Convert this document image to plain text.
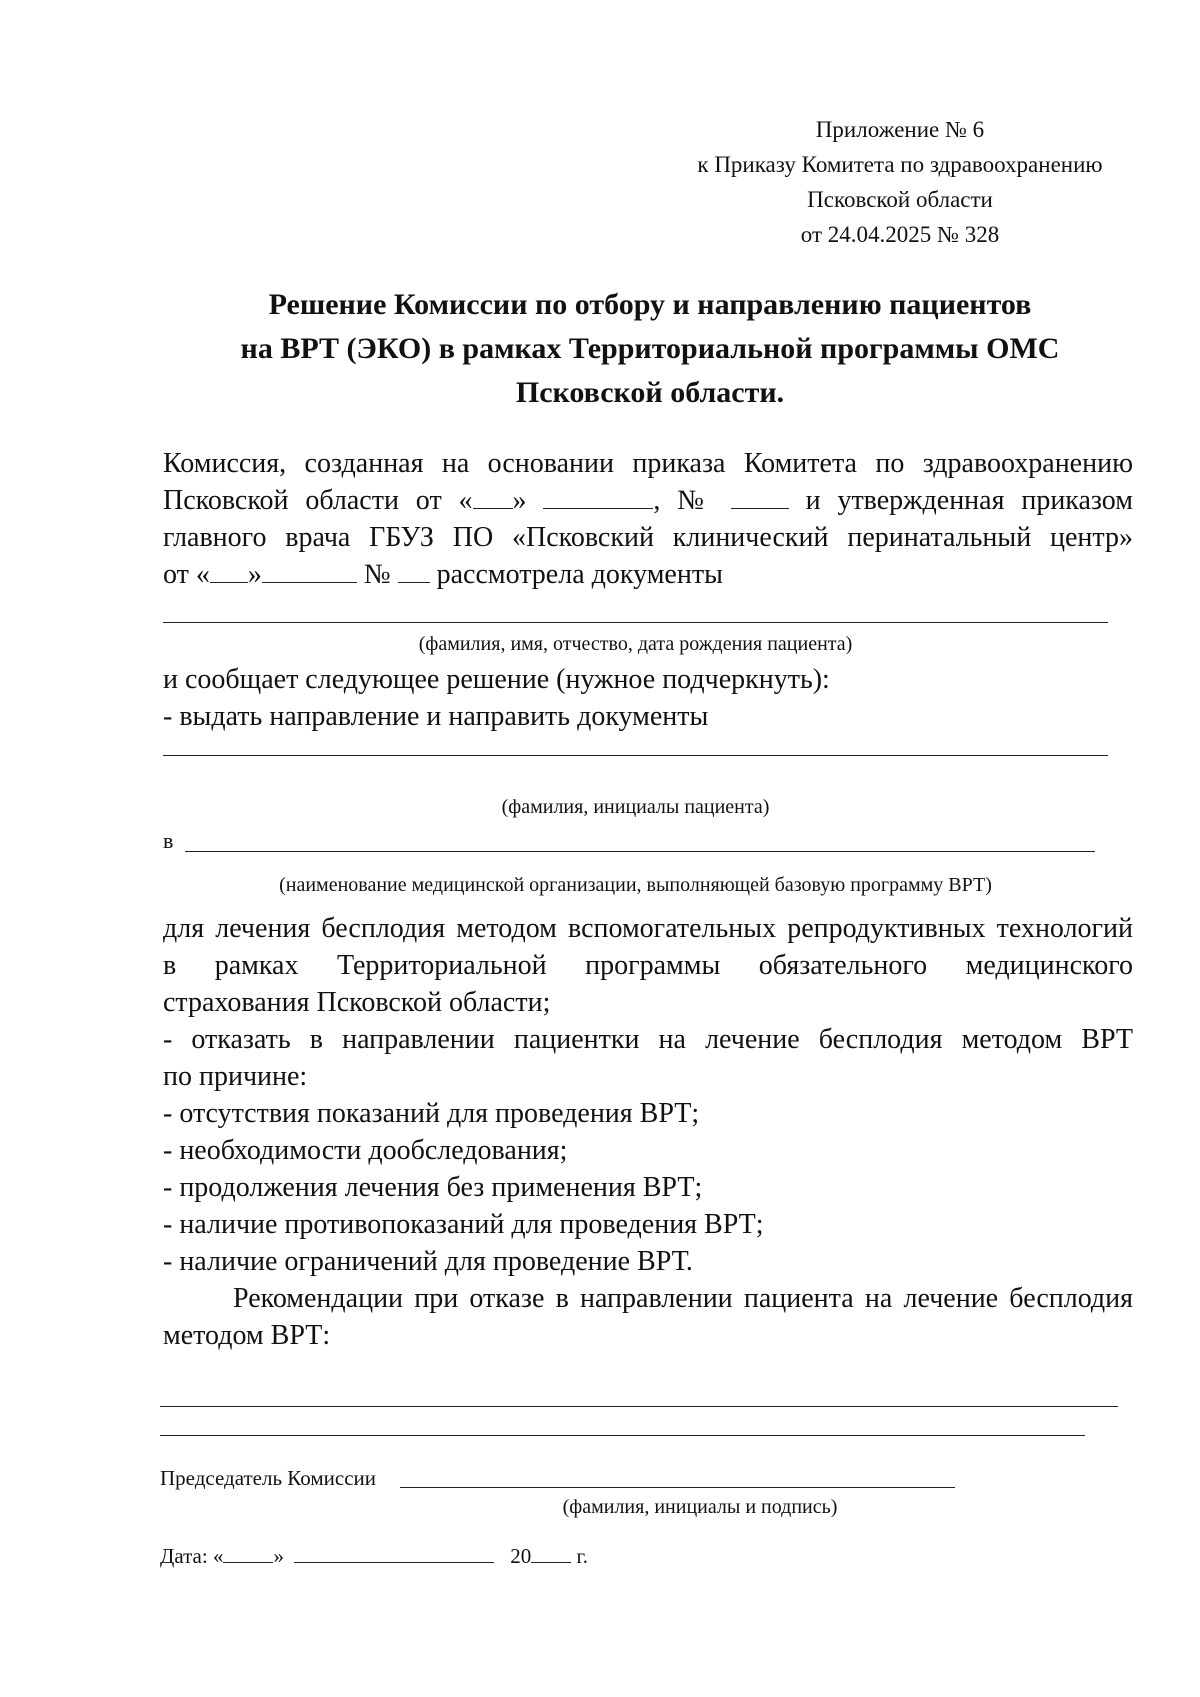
Приложение № 6
к Приказу Комитета по здравоохранению
Псковской области
от 24.04.2025 № 328
Решение Комиссии по отбору и направлению пациентов
на ВРТ (ЭКО) в рамках Территориальной программы ОМС
Псковской области.
Комиссия, созданная на основании приказа Комитета по здравоохранению
Псковской области от « »	, №  и утвержденная приказом
главного врача ГБУЗ ПО «Псковский клинический перинатальный центр»
от « »	№  рассмотрела документы
(фамилия, имя, отчество, дата рождения пациента)
и сообщает следующее решение (нужное подчеркнуть):
- выдать направление и направить документы
(фамилия, инициалы пациента)
в
(наименование медицинской организации, выполняющей базовую программу ВРТ)
для лечения бесплодия методом вспомогательных репродуктивных технологий
в рамках Территориальной программы обязательного медицинского
страхования Псковской области;
- отказать в направлении пациентки на лечение бесплодия методом ВРТ
по причине:
- отсутствия показаний для проведения ВРТ;
- необходимости дообследования;
- продолжения лечения без применения ВРТ;
- наличие противопоказаний для проведения ВРТ;
- наличие ограничений для проведение ВРТ.
Рекомендации при отказе в направлении пациента на лечение бесплодия
методом ВРТ:
Председатель Комиссии
(фамилия, инициалы и подпись)
Дата: « »	20 г.
